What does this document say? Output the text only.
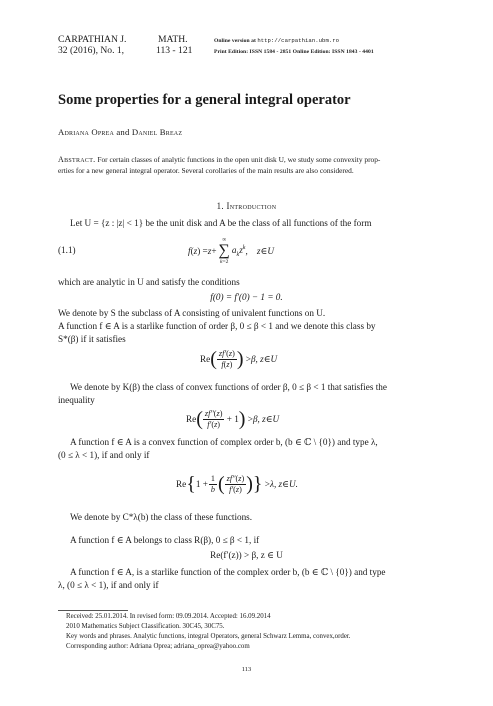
CARPATHIAN J.
32 (2016), No. 1,
MATH.
113 - 121
Online version at http://carpathian.ubm.ro
Print Edition: ISSN 1584 - 2851 Online Edition: ISSN 1843 - 4401
Some properties for a general integral operator
Adriana Oprea and Daniel Breaz
Abstract. For certain classes of analytic functions in the open unit disk U, we study some convexity prop-
erties for a new general integral operator. Several corollaries of the main results are also considered.
1. Introduction
Let U = {z : |z| < 1} be the unit disk and A be the class of all functions of the form
(1.1)	f ( z ) = z +
∞
∑
k=2
$a_kz^k$ , z ∈ U
which are analytic in U and satisfy the conditions
f(0) = f′(0) − 1 = 0.
We denote by S the subclass of A consisting of univalent functions on U.
A function f ∈ A is a starlike function of order β, 0 ≤ β < 1 and we denote this class by
S*(β) if it satisfies
Re ( $\frac{zf'(z)}{f(z)}$ ) > β, z ∈ U
We denote by K(β) the class of convex functions of order β, 0 ≤ β < 1 that satisfies the
inequality
Re ( $\frac{zf''(z)}{f'(z)} + 1$ ) > β, z ∈ U
A function f ∈ A is a convex function of complex order b, (b ∈ ℂ \ {0}) and type λ,
(0 ≤ λ < 1), if and only if
Re { $1 + \frac{1}{b}$ ( $\frac{zf''(z)}{f'(z)}$ ) } > λ, z ∈ U.
We denote by C*λ(b) the class of these functions.
A function f ∈ A belongs to class R(β), 0 ≤ β < 1, if
Re(f′(z)) > β, z ∈ U
A function f ∈ A, is a starlike function of the complex order b, (b ∈ ℂ \ {0}) and type
λ, (0 ≤ λ < 1), if and only if
Received: 25.01.2014. In revised form: 09.09.2014. Accepted: 16.09.2014
2010 Mathematics Subject Classification. 30C45, 30C75.
Key words and phrases. Analytic functions, integral Operators, general Schwarz Lemma, convex,order.
Corresponding author: Adriana Oprea; adriana_oprea@yahoo.com
113
